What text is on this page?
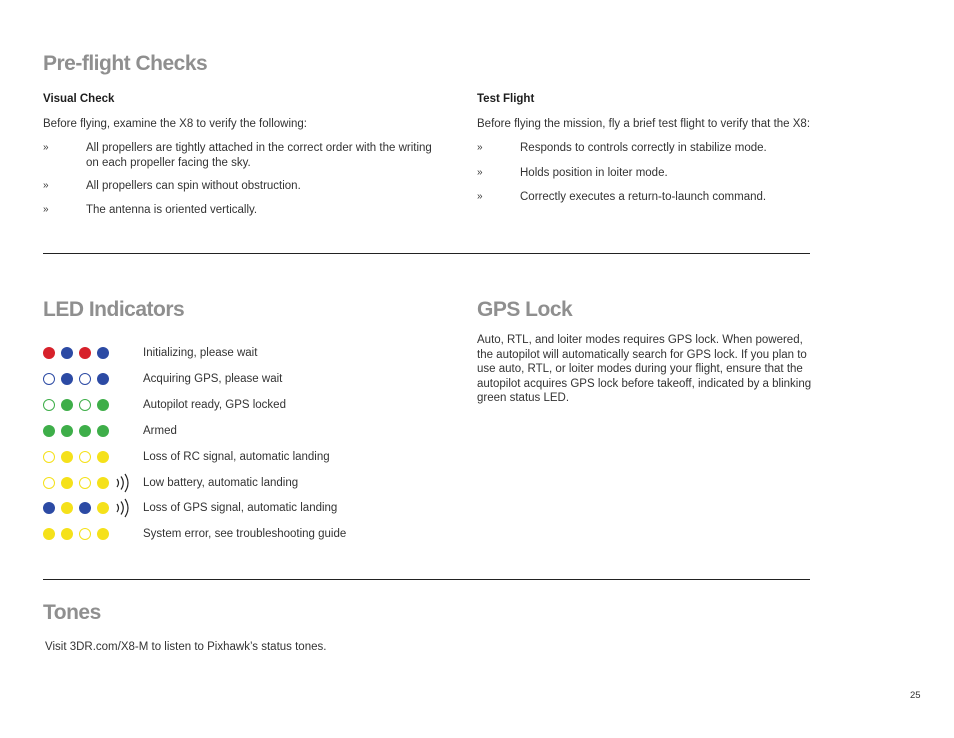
Pre-flight Checks
Visual Check
Before flying, examine the X8 to verify the following:
»	All propellers are tightly attached in the correct order with the writing
on each propeller facing the sky.
»	All propellers can spin without obstruction.
»	The antenna is oriented vertically.
Test Flight
Before flying the mission, fly a brief test flight to verify that the X8:
»	Responds to controls correctly in stabilize mode.
»	Holds position in loiter mode.
»	Correctly executes a return-to-launch command.
LED Indicators
Initializing, please wait
Acquiring GPS, please wait
Autopilot ready, GPS locked
Armed
Loss of RC signal, automatic landing
Low battery, automatic landing
Loss of GPS signal, automatic landing
System error, see troubleshooting guide
GPS Lock
Auto, RTL, and loiter modes requires GPS lock. When powered,
the autopilot will automatically search for GPS lock. If you plan to
use auto, RTL, or loiter modes during your flight, ensure that the
autopilot acquires GPS lock before takeoff, indicated by a blinking
green status LED.
Tones
Visit 3DR.com/X8-M to listen to Pixhawk’s status tones.
25
